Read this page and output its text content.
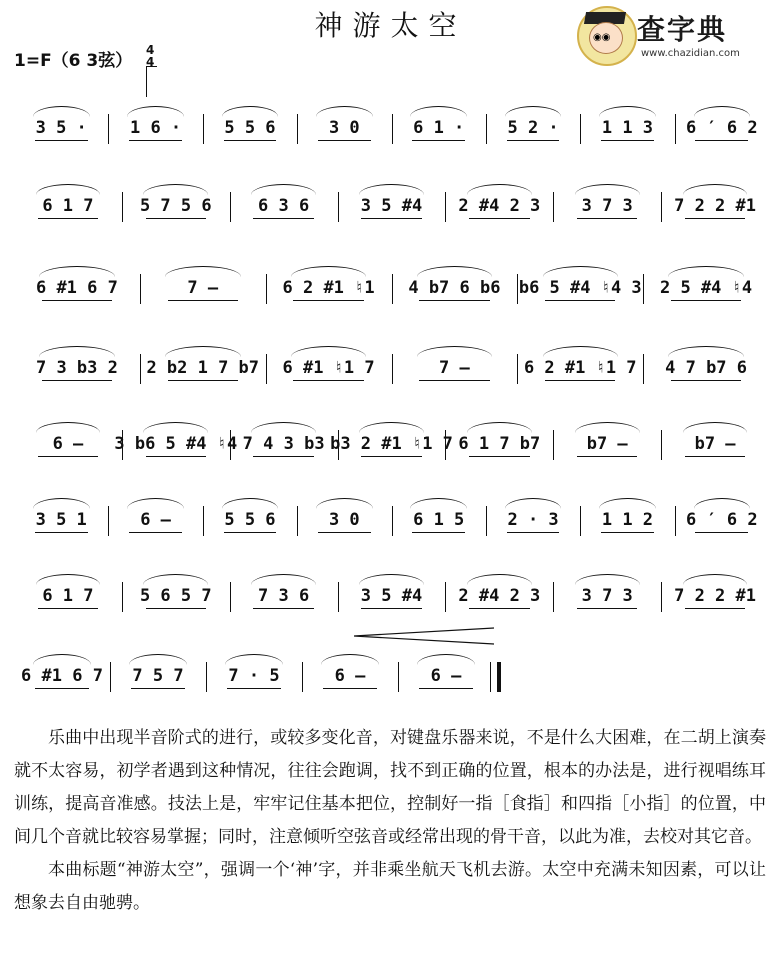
神游太空
1=F（6 3弦）
4
4
◉◉ 查字典
www.chazidian.com
3 5 ·	1 6 ·	5 5 6	3 0	6 1 ·	5 2 ·	1 1 3	6 ′ 6 2
6 1 7	5 7 5 6	6 3 6	3 5 #4	2 #4 2 3	3 7 3	7 2 2 #1
6 #1 6 7	7 –	6 2 #1 ♮1	4 b7 6 b6	b6 5 #4 ♮4 3	2 5 #4 ♮4
7 3 b3 2	2 b2 1 7 b7	6 #1 ♮1 7	7 –	6 2 #1 ♮1 7	4 7 b7 6
6 –	3 b6 5 #4 ♮4 7 4 3 b3 b3 2 #1 ♮1 7 6 1 7 b7	b7 –	b7 –
3 5 1	6 –	5 5 6	3 0	6 1 5	2 · 3	1 1 2	6 ′ 6 2
6 1 7	5 6 5 7	7 3 6	3 5 #4	2 #4 2 3	3 7 3	7 2 2 #1
6 #1 6 7	7 5 7	7 · 5	6 –	6 –

乐曲中出现半音阶式的进行，或较多变化音，对键盘乐器来说，不是什么大困难，在二胡上演奏就不太容易，初学者遇到这种情况，往往会跑调，找不到正确的位置，根本的办法是，进行视唱练耳训练，提高音准感。技法上是，牢牢记住基本把位，控制好一指［食指］和四指［小指］的位置，中间几个音就比较容易掌握；同时，注意倾听空弦音或经常出现的骨干音，以此为准，去校对其它音。

本曲标题“神游太空”，强调一个‘神’字，并非乘坐航天飞机去游。太空中充满未知因素，可以让想象去自由驰骋。
